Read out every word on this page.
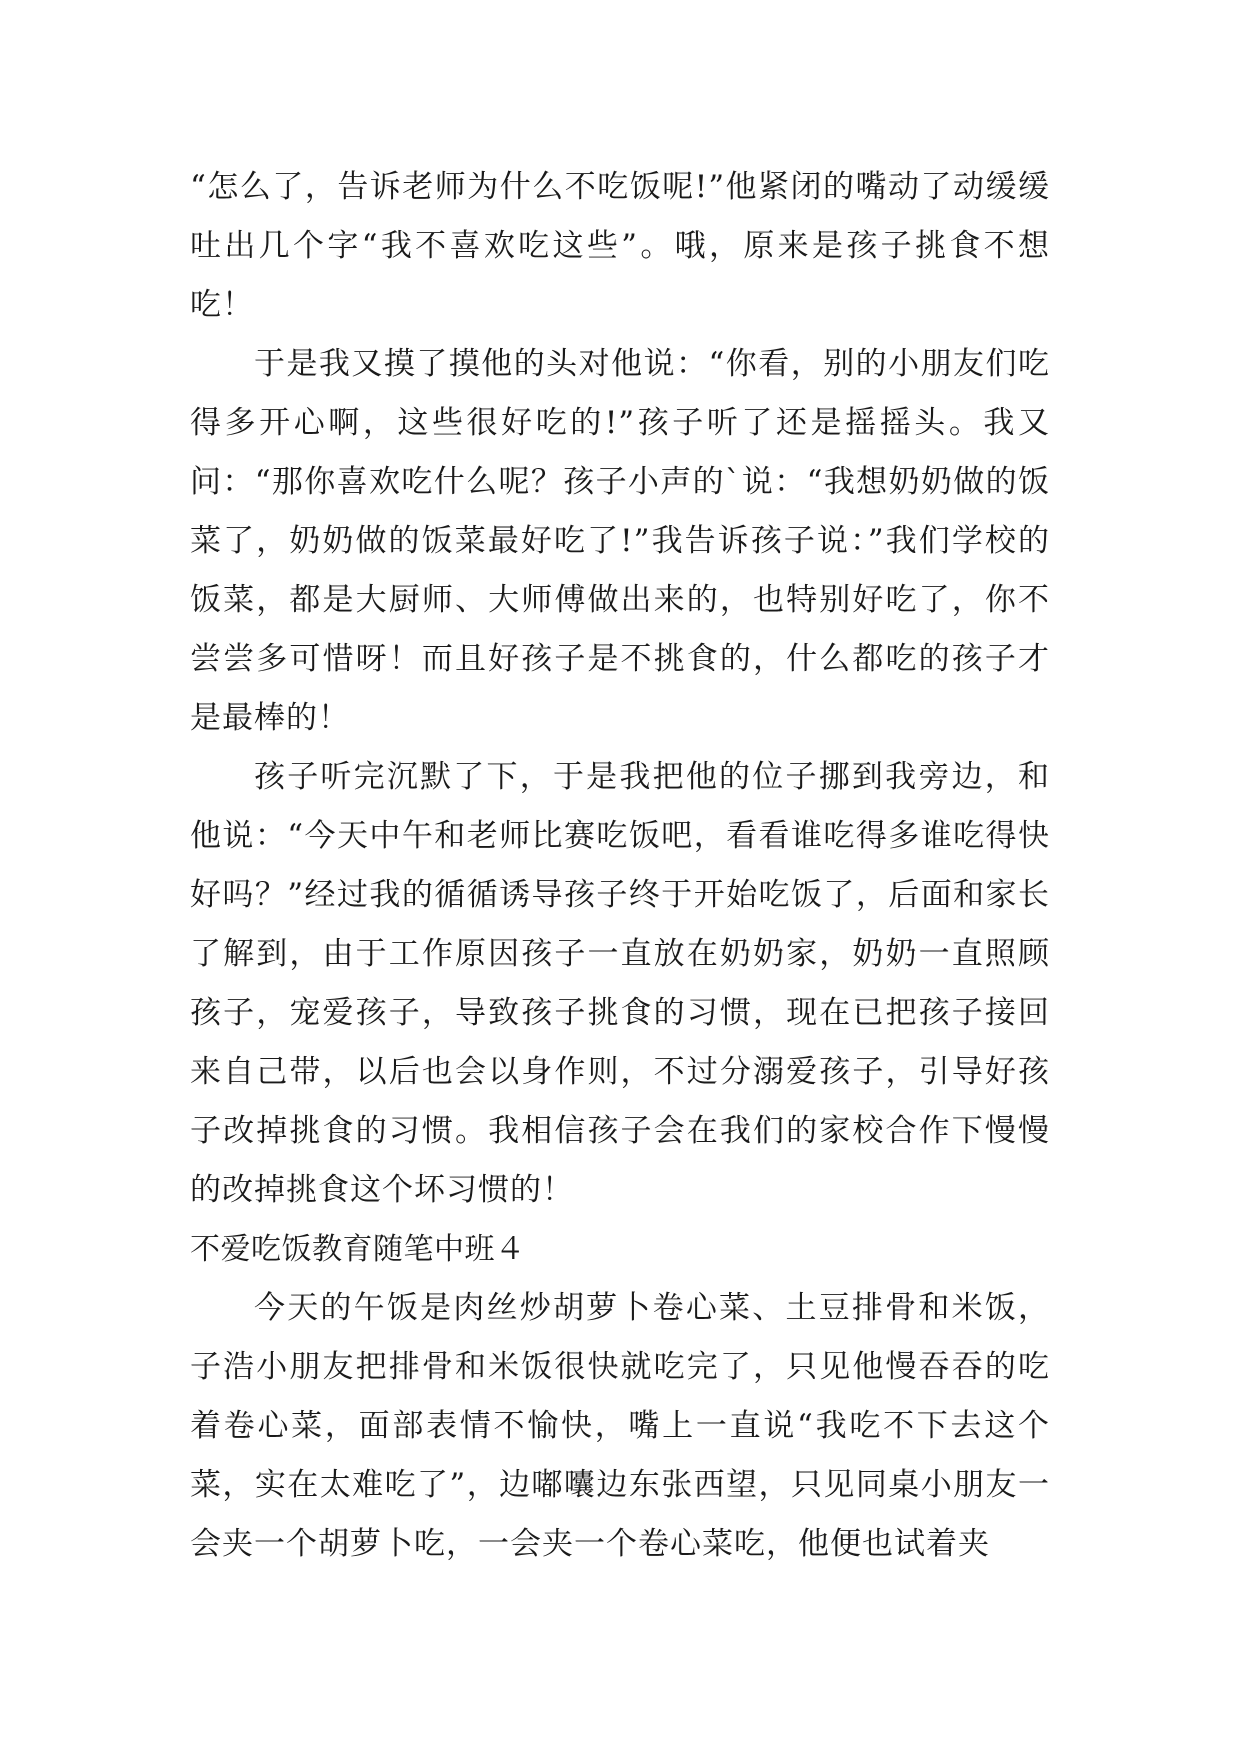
“怎么了，告诉老师为什么不吃饭呢!”他紧闭的嘴动了动缓缓吐出几个字“我不喜欢吃这些”。哦，原来是孩子挑食不想吃！

于是我又摸了摸他的头对他说：“你看，别的小朋友们吃得多开心啊，这些很好吃的!”孩子听了还是摇摇头。我又问：“那你喜欢吃什么呢？孩子小声的`说：“我想奶奶做的饭菜了，奶奶做的饭菜最好吃了!”我告诉孩子说：”我们学校的饭菜，都是大厨师、大师傅做出来的，也特别好吃了，你不尝尝多可惜呀！而且好孩子是不挑食的，什么都吃的孩子才是最棒的！

孩子听完沉默了下，于是我把他的位子挪到我旁边，和他说：“今天中午和老师比赛吃饭吧，看看谁吃得多谁吃得快好吗？”经过我的循循诱导孩子终于开始吃饭了，后面和家长了解到，由于工作原因孩子一直放在奶奶家，奶奶一直照顾孩子，宠爱孩子，导致孩子挑食的习惯，现在已把孩子接回来自己带，以后也会以身作则，不过分溺爱孩子，引导好孩子改掉挑食的习惯。我相信孩子会在我们的家校合作下慢慢的改掉挑食这个坏习惯的！

不爱吃饭教育随笔中班４

今天的午饭是肉丝炒胡萝卜卷心菜、土豆排骨和米饭，子浩小朋友把排骨和米饭很快就吃完了，只见他慢吞吞的吃着卷心菜，面部表情不愉快，嘴上一直说“我吃不下去这个菜，实在太难吃了”，边嘟囔边东张西望，只见同桌小朋友一会夹一个胡萝卜吃，一会夹一个卷心菜吃，他便也试着夹
